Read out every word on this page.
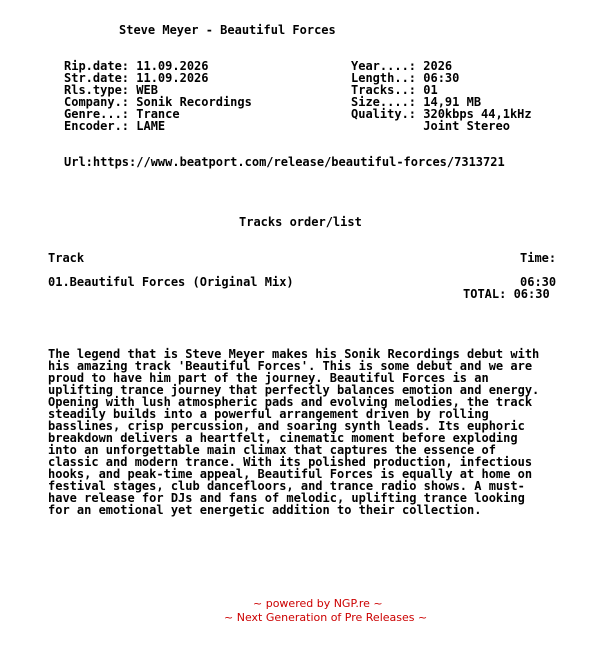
Steve Meyer - Beautiful Forces
Rip.date: 11.09.2026
Str.date: 11.09.2026
Rls.type: WEB
Company.: Sonik Recordings
Genre...: Trance
Encoder.: LAME
Year....: 2026
Length..: 06:30
Tracks..: 01
Size....: 14,91 MB
Quality.: 320kbps 44,1kHz
Joint Stereo
Url:https://www.beatport.com/release/beautiful-forces/7313721
Tracks order/list
Track	Time:
01.Beautiful Forces (Original Mix)	06:30
TOTAL: 06:30
The legend that is Steve Meyer makes his Sonik Recordings debut with
his amazing track 'Beautiful Forces'. This is some debut and we are
proud to have him part of the journey. Beautiful Forces is an
uplifting trance journey that perfectly balances emotion and energy.
Opening with lush atmospheric pads and evolving melodies, the track
steadily builds into a powerful arrangement driven by rolling
basslines, crisp percussion, and soaring synth leads. Its euphoric
breakdown delivers a heartfelt, cinematic moment before exploding
into an unforgettable main climax that captures the essence of
classic and modern trance. With its polished production, infectious
hooks, and peak-time appeal, Beautiful Forces is equally at home on
festival stages, club dancefloors, and trance radio shows. A must-
have release for DJs and fans of melodic, uplifting trance looking
for an emotional yet energetic addition to their collection.
~ powered by NGP.re ~
~ Next Generation of Pre Releases ~
